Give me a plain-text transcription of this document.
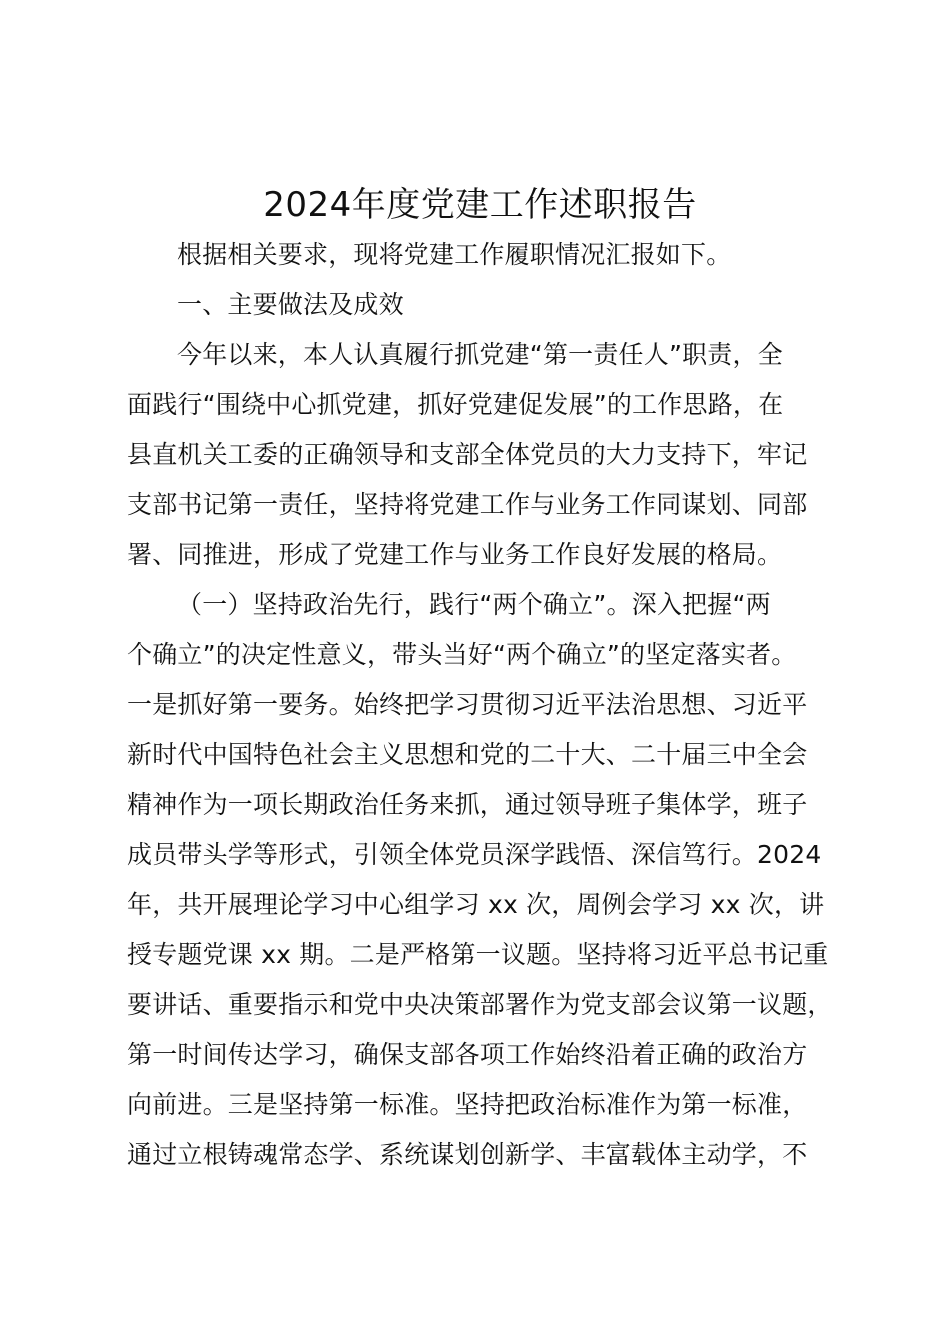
2024年度党建工作述职报告
根据相关要求，现将党建工作履职情况汇报如下。
一、主要做法及成效
今年以来，本人认真履行抓党建“第一责任人”职责，全
面践行“围绕中心抓党建，抓好党建促发展”的工作思路，在
县直机关工委的正确领导和支部全体党员的大力支持下，牢记
支部书记第一责任，坚持将党建工作与业务工作同谋划、同部
署、同推进，形成了党建工作与业务工作良好发展的格局。
（一）坚持政治先行，践行“两个确立”。深入把握“两
个确立”的决定性意义，带头当好“两个确立”的坚定落实者。
一是抓好第一要务。始终把学习贯彻习近平法治思想、习近平
新时代中国特色社会主义思想和党的二十大、二十届三中全会
精神作为一项长期政治任务来抓，通过领导班子集体学，班子
成员带头学等形式，引领全体党员深学践悟、深信笃行。2024
年，共开展理论学习中心组学习 xx 次，周例会学习 xx 次，讲
授专题党课 xx 期。二是严格第一议题。坚持将习近平总书记重
要讲话、重要指示和党中央决策部署作为党支部会议第一议题，
第一时间传达学习，确保支部各项工作始终沿着正确的政治方
向前进。三是坚持第一标准。坚持把政治标准作为第一标准，
通过立根铸魂常态学、系统谋划创新学、丰富载体主动学，不
